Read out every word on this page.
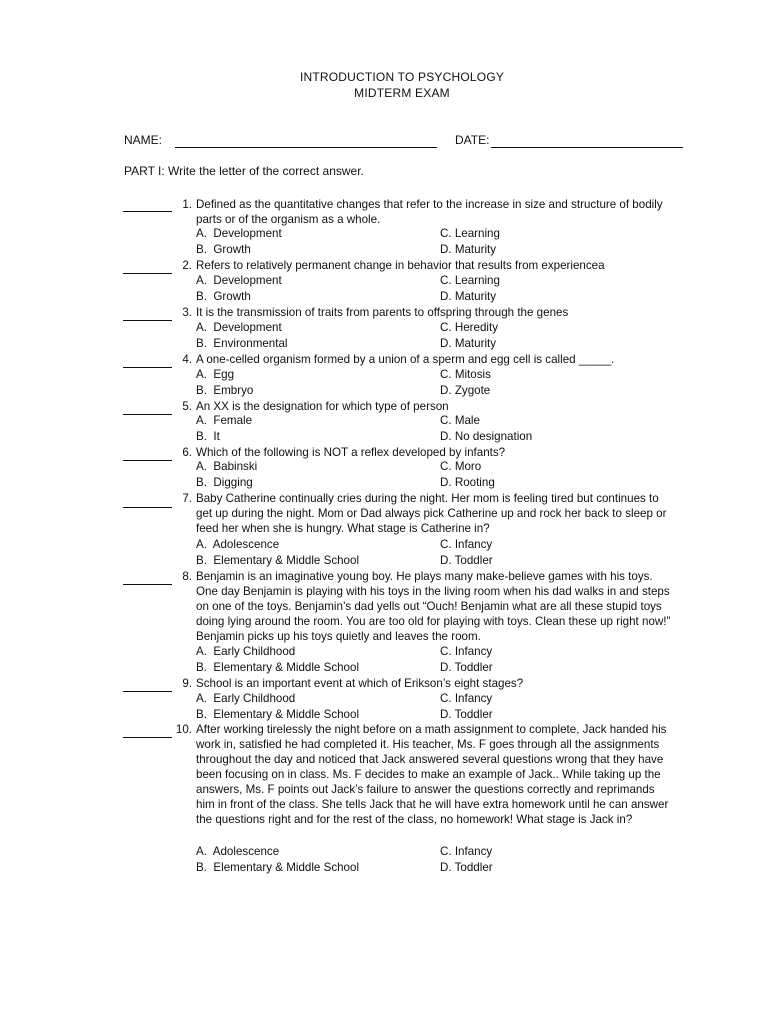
INTRODUCTION TO PSYCHOLOGY
MIDTERM EXAM
NAME:	DATE:
PART I: Write the letter of the correct answer.
1. Defined as the quantitative changes that refer to the increase in size and structure of bodily parts or of the organism as a whole.
A.  Development	C. Learning
B.  Growth	D. Maturity
2. Refers to relatively permanent change in behavior that results from experiencea
A.  Development	C. Learning
B.  Growth	D. Maturity
3. It is the transmission of traits from parents to offspring through the genes
A.  Development	C. Heredity
B.  Environmental	D. Maturity
4. A one-celled organism formed by a union of a sperm and egg cell is called _____.
A.  Egg	C. Mitosis
B.  Embryo	D. Zygote
5. An XX is the designation for which type of person
A.  Female	C. Male
B.  It	D. No designation
6. Which of the following is NOT a reflex developed by infants?
A.  Babinski	C. Moro
B.  Digging	D. Rooting
7. Baby Catherine continually cries during the night. Her mom is feeling tired but continues to get up during the night. Mom or Dad always pick Catherine up and rock her back to sleep or feed her when she is hungry. What stage is Catherine in?
A.  Adolescence	C. Infancy
B.  Elementary & Middle School	D. Toddler
8. Benjamin is an imaginative young boy. He plays many make-believe games with his toys. One day Benjamin is playing with his toys in the living room when his dad walks in and steps on one of the toys. Benjamin’s dad yells out “Ouch! Benjamin what are all these stupid toys doing lying around the room. You are too old for playing with toys. Clean these up right now!” Benjamin picks up his toys quietly and leaves the room.
A.  Early Childhood	C. Infancy
B.  Elementary & Middle School	D. Toddler
9. School is an important event at which of Erikson’s eight stages?
A.  Early Childhood	C. Infancy
B.  Elementary & Middle School	D. Toddler
10. After working tirelessly the night before on a math assignment to complete, Jack handed his work in, satisfied he had completed it. His teacher, Ms. F goes through all the assignments throughout the day and noticed that Jack answered several questions wrong that they have been focusing on in class. Ms. F decides to make an example of Jack.. While taking up the answers, Ms. F points out Jack’s failure to answer the questions correctly and reprimands him in front of the class. She tells Jack that he will have extra homework until he can answer the questions right and for the rest of the class, no homework! What stage is Jack in?
A.  Adolescence	C. Infancy
B.  Elementary & Middle School	D. Toddler
